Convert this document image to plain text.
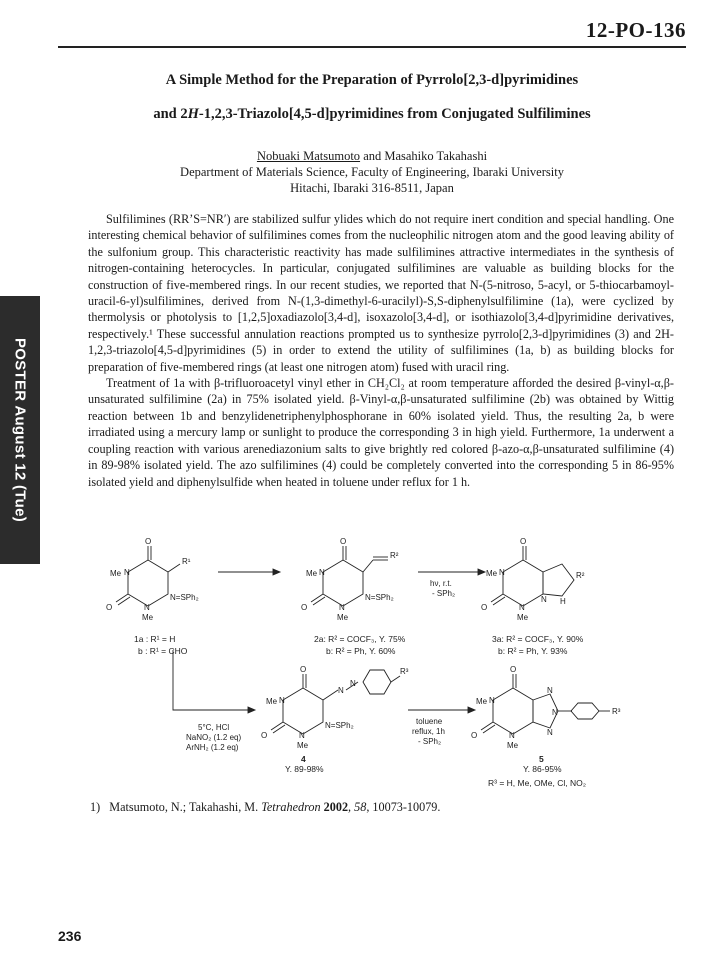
12-PO-136
POSTER August 12 (Tue)
A Simple Method for the Preparation of Pyrrolo[2,3-d]pyrimidines
and 2H-1,2,3-Triazolo[4,5-d]pyrimidines from Conjugated Sulfilimines
Nobuaki Matsumoto and Masahiko Takahashi
Department of Materials Science, Faculty of Engineering, Ibaraki University
Hitachi, Ibaraki 316-8511, Japan
Sulfilimines (RR’S=NR′) are stabilized sulfur ylides which do not require inert condition and special handling. One interesting chemical behavior of sulfilimines comes from the nucleophilic nitrogen atom and the good leaving ability of the sulfonium group. This characteristic reactivity has made sulfilimines attractive intermediates in the synthesis of nitrogen-containing heterocycles. In particular, conjugated sulfilimines are valuable as building blocks for the construction of five-membered rings. In our recent studies, we reported that N-(5-nitroso, 5-acyl, or 5-thiocarbamoyl-uracil-6-yl)sulfilimines, derived from N-(1,3-dimethyl-6-uracilyl)-S,S-diphenylsulfilimine (1a), were cyclized by thermolysis or photolysis to [1,2,5]oxadiazolo[3,4-d], isoxazolo[3,4-d], or isothiazolo[3,4-d]pyrimidine derivatives, respectively.¹ These successful annulation reactions prompted us to synthesize pyrrolo[2,3-d]pyrimidines (3) and 2H-1,2,3-triazolo[4,5-d]pyrimidines (5) in order to extend the utility of sulfilimines (1a, b) as building blocks for preparation of five-membered rings (at least one nitrogen atom) fused with uracil ring.
Treatment of 1a with β-trifluoroacetyl vinyl ether in CH₂Cl₂ at room temperature afforded the desired β-vinyl-α,β-unsaturated sulfilimine (2a) in 75% isolated yield. β-Vinyl-α,β-unsaturated sulfilimine (2b) was obtained by Wittig reaction between 1b and benzylidenetriphenylphosphorane in 60% isolated yield. Thus, the resulting 2a, b were irradiated using a mercury lamp or sunlight to produce the corresponding 3 in high yield. Furthermore, 1a underwent a coupling reaction with various arenediazonium salts to give brightly red colored β-azo-α,β-unsaturated sulfilimine (4) in 89-98% isolated yield. The azo sulfilimines (4) could be completely converted into the corresponding 5 in 86-95% isolated yield and diphenylsulfide when heated in toluene under reflux for 1 h.
O
Me N
R¹
N=SPh₂
O	N
Me
1a : R¹ = H
b : R¹ = CHO
O
Me N
R²
N=SPh₂
O	N
Me
2a: R² = COCF₃, Y. 75%
b: R² = Ph, Y. 60%
hν, r.t.
- SPh₂
O
Me N	R²
N H
O	N
Me
3a: R² = COCF₃, Y. 90%
b: R² = Ph, Y. 93%
5°C, HCl
NaNO₂ (1.2 eq)
ArNH₂ (1.2 eq)
O
Me N
N
N
R³
N=SPh₂
O	N
Me
4
Y. 89-98%
toluene
reflux, 1h
- SPh₂
O
Me N
N
N
N
R³
O	N
Me
5
Y. 86-95%
R³ = H, Me, OMe, Cl, NO₂
1) Matsumoto, N.; Takahashi, M. Tetrahedron 2002, 58, 10073-10079.
236
